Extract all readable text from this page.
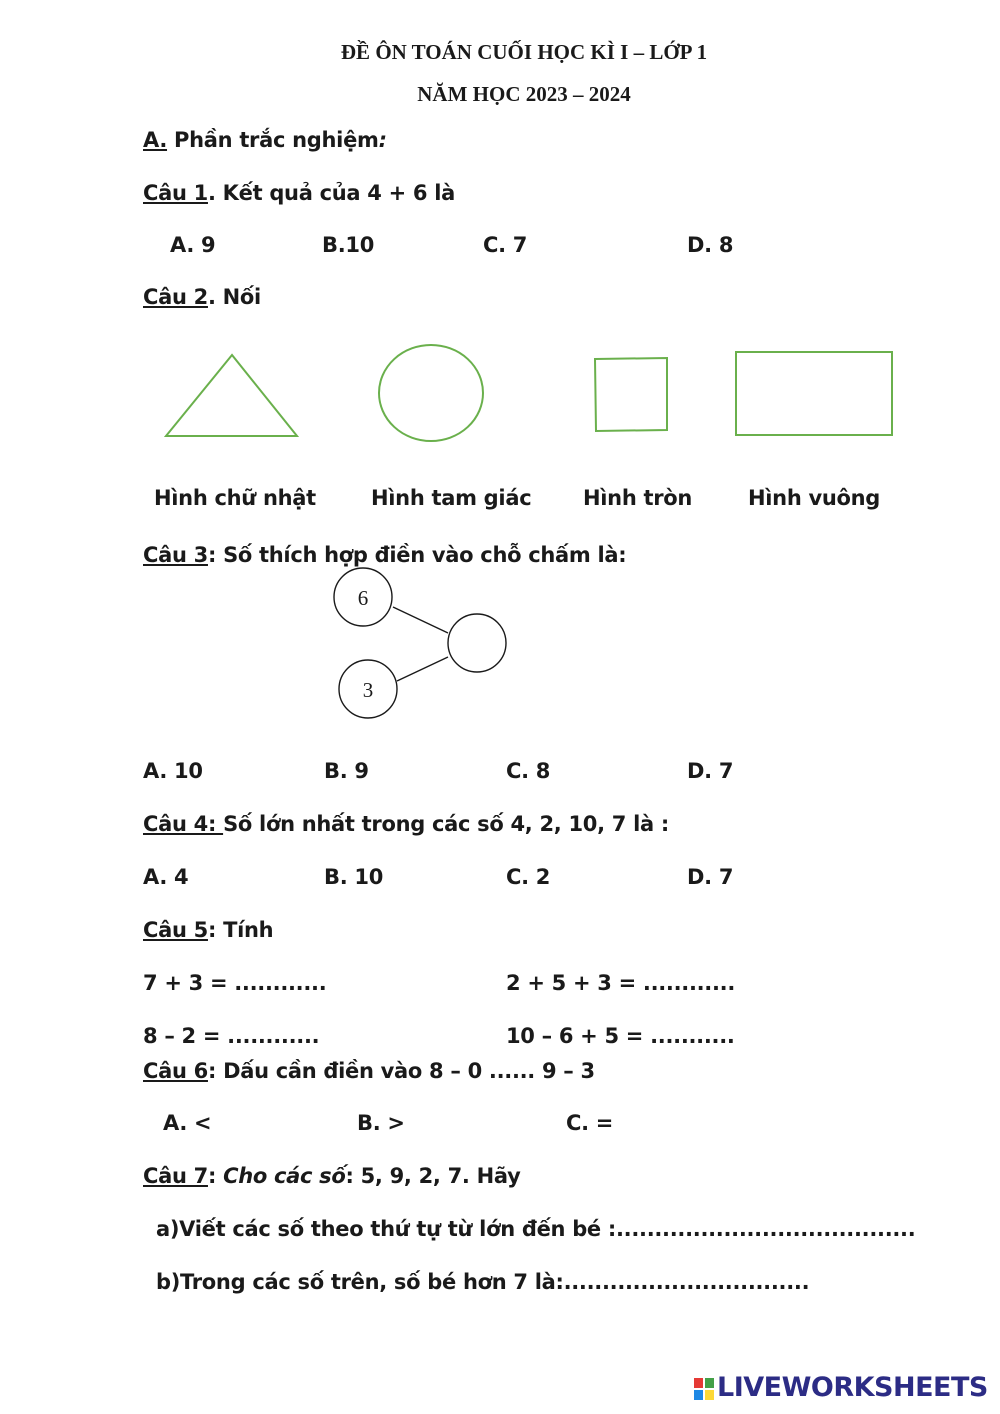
ĐỀ ÔN TOÁN CUỐI HỌC KÌ I – LỚP 1
NĂM HỌC 2023 – 2024
A. Phần trắc nghiệm:
Câu 1. Kết quả của 4 + 6 là
A. 9	B.10	C. 7	D. 8
Câu 2. Nối
Hình chữ nhật	Hình tam giác Hình tròn	Hình vuông
Câu 3: Số thích hợp điền vào chỗ chấm là:
6
3
A. 10	B. 9	C. 8	D. 7
Câu 4: Số lớn nhất trong các số 4, 2, 10, 7 là :
A. 4	B. 10	C. 2	D. 7
Câu 5: Tính
7 + 3 = ............	2 + 5 + 3 = ............
8 – 2 = ............	10 – 6 + 5 = ...........
Câu 6: Dấu cần điền vào 8 – 0 ...... 9 – 3
A. <	B. >	C. =
Câu 7: Cho các số: 5, 9, 2, 7. Hãy
a)Viết các số theo thứ tự từ lớn đến bé :.......................................
b)Trong các số trên, số bé hơn 7 là:................................
LIVEWORKSHEETS
